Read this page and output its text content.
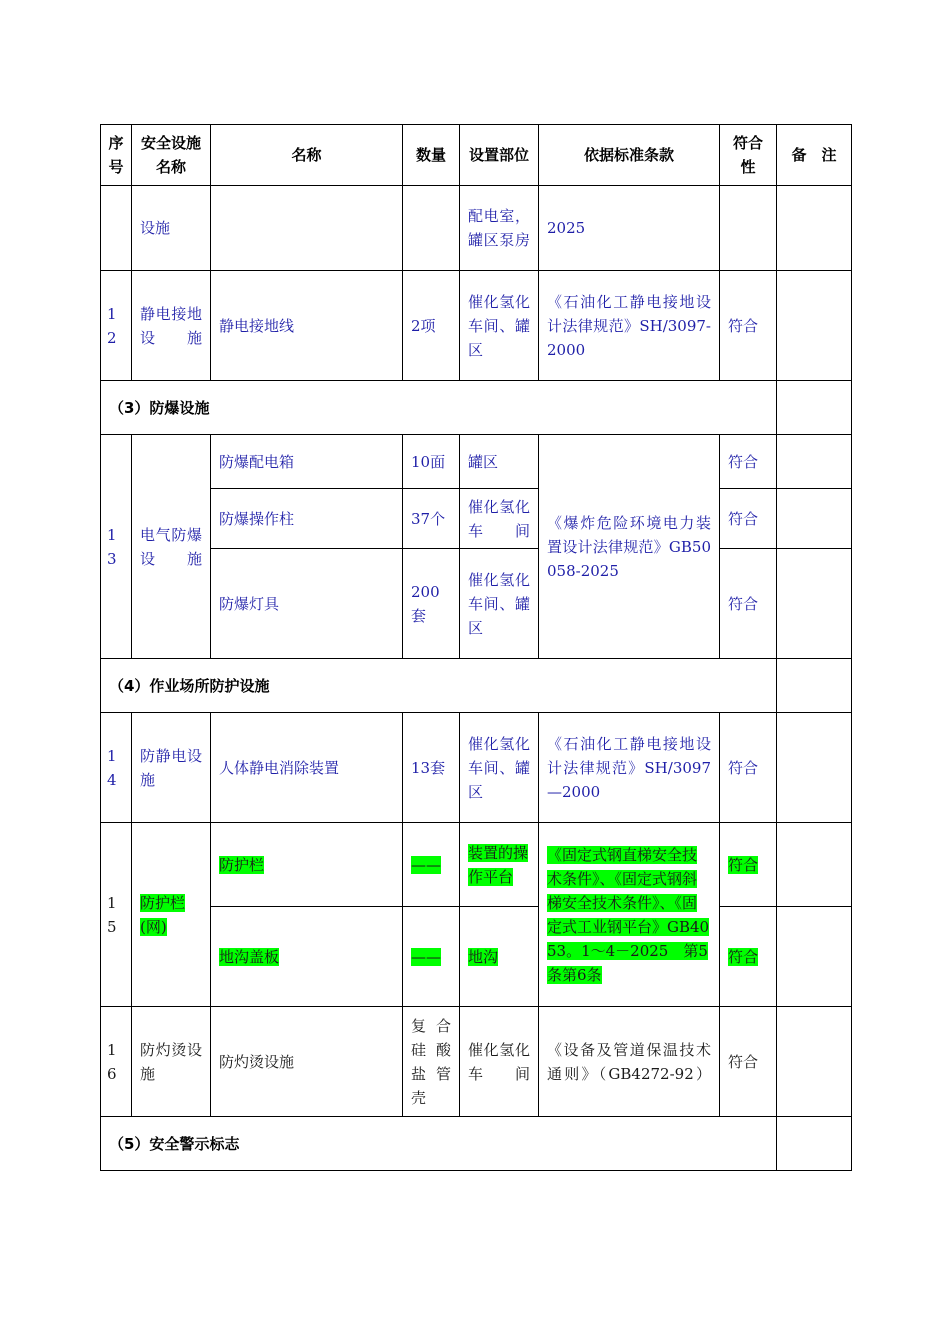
序号	安全设施名称	名称	数量	设置部位	依据标准条款	符合性	备　注
	设施			配电室，罐区泵房	2025		
12	静电接地设施	静电接地线	2项	催化氢化车间、罐区	《石油化工静电接地设计法律规范》SH/3097-2000	符合	
（3）防爆设施							
13	电气防爆设施	防爆配电箱	10面	罐区	《爆炸危险环境电力装置设计法律规范》GB50058-2025	符合	
		防爆操作柱	37个	催化氢化车间		符合	
		防爆灯具	200套	催化氢化车间、罐区		符合	
（4）作业场所防护设施							
14	防静电设施	人体静电消除装置	13套	催化氢化车间、罐区	《石油化工静电接地设计法律规范》SH/3097—2000	符合	
15	防护栏(网)	防护栏	——	装置的操作平台	《固定式钢直梯安全技术条件》、《固定式钢斜梯安全技术条件》、《固定式工业钢平台》GB4053。1～4－2025　第5条第6条	符合	
		地沟盖板	——	地沟		符合	
16	防灼烫设施	防灼烫设施	复合硅酸盐管壳	催化氢化车间	《设备及管道保温技术通则》（GB4272-92）	符合	
（5）安全警示标志							
